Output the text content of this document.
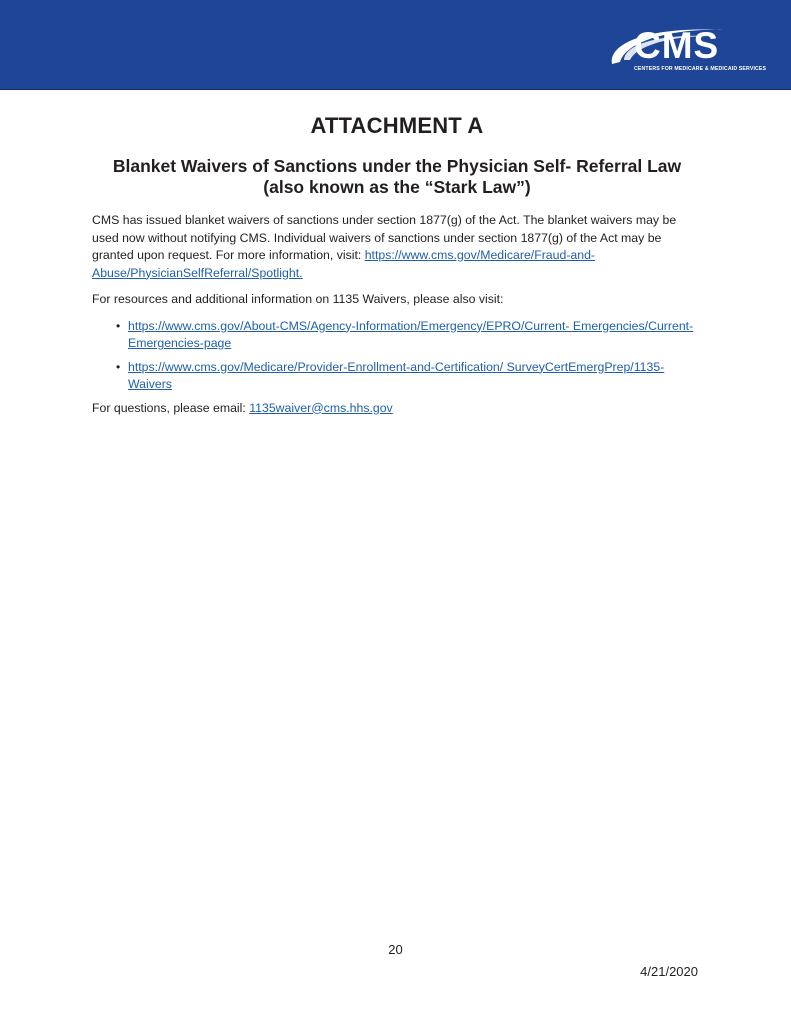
CMS
CENTERS FOR MEDICARE & MEDICAID SERVICES
ATTACHMENT A
Blanket Waivers of Sanctions under the Physician Self- Referral Law
(also known as the “Stark Law”)

CMS has issued blanket waivers of sanctions under section 1877(g) of the Act. The blanket waivers may be used now without notifying CMS. Individual waivers of sanctions under section 1877(g) of the Act may be granted upon request. For more information, visit: https://www.cms.gov/Medicare/Fraud-and-Abuse/PhysicianSelfReferral/Spotlight.

For resources and additional information on 1135 Waivers, please also visit:

• https://www.cms.gov/About-CMS/Agency-Information/Emergency/EPRO/Current- Emergencies/Current-Emergencies-page
• https://www.cms.gov/Medicare/Provider-Enrollment-and-Certification/ SurveyCertEmergPrep/1135-Waivers

For questions, please email: 1135waiver@cms.hhs.gov

20
4/21/2020
